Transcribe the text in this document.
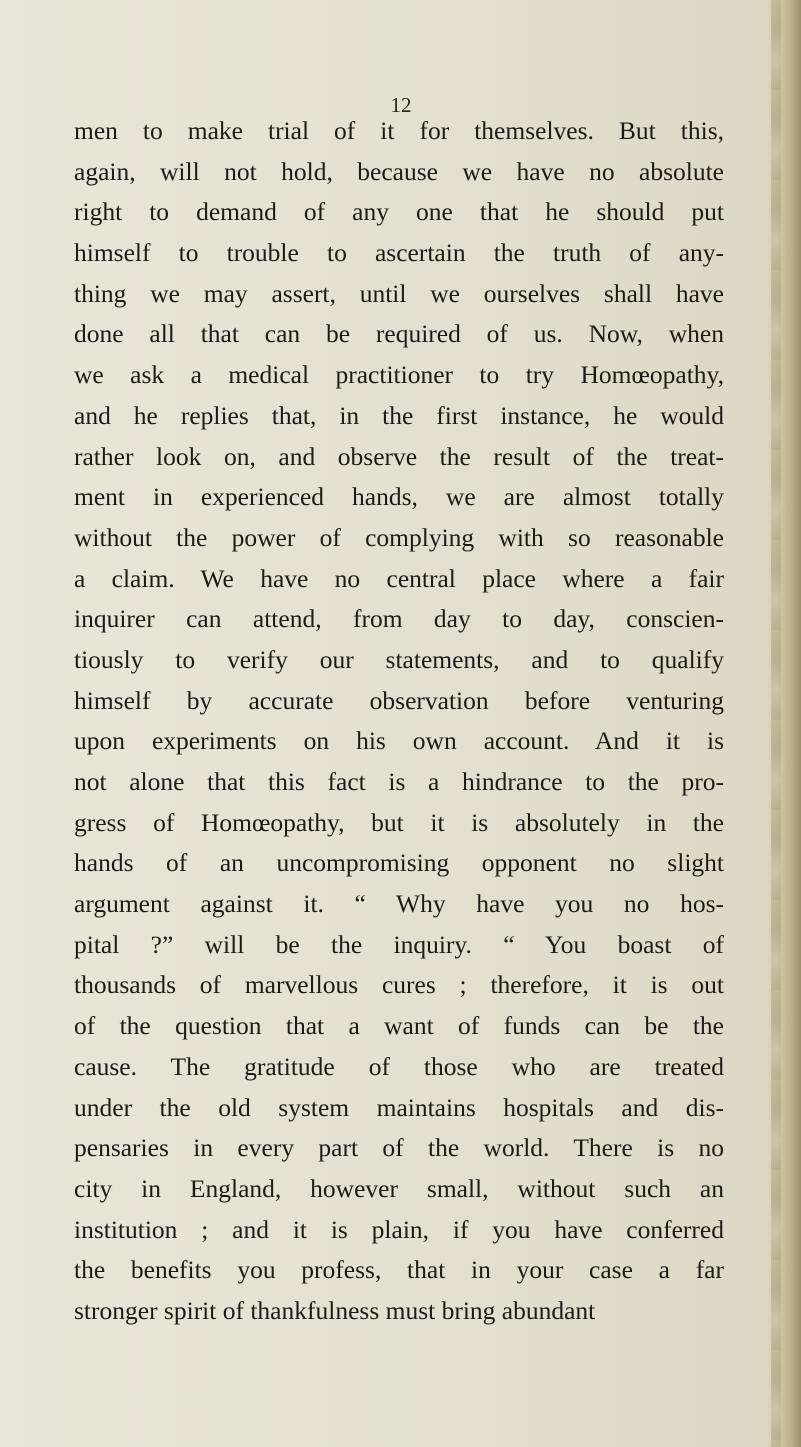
12
men to make trial of it for themselves. But this,
again, will not hold, because we have no absolute
right to demand of any one that he should put
himself to trouble to ascertain the truth of any-
thing we may assert, until we ourselves shall have
done all that can be required of us. Now, when
we ask a medical practitioner to try Homœopathy,
and he replies that, in the first instance, he would
rather look on, and observe the result of the treat-
ment in experienced hands, we are almost totally
without the power of complying with so reasonable
a claim. We have no central place where a fair
inquirer can attend, from day to day, conscien-
tiously to verify our statements, and to qualify
himself by accurate observation before venturing
upon experiments on his own account. And it is
not alone that this fact is a hindrance to the pro-
gress of Homœopathy, but it is absolutely in the
hands of an uncompromising opponent no slight
argument against it. “ Why have you no hos-
pital ?” will be the inquiry. “ You boast of
thousands of marvellous cures ; therefore, it is out
of the question that a want of funds can be the
cause. The gratitude of those who are treated
under the old system maintains hospitals and dis-
pensaries in every part of the world. There is no
city in England, however small, without such an
institution ; and it is plain, if you have conferred
the benefits you profess, that in your case a far
stronger spirit of thankfulness must bring abundant
